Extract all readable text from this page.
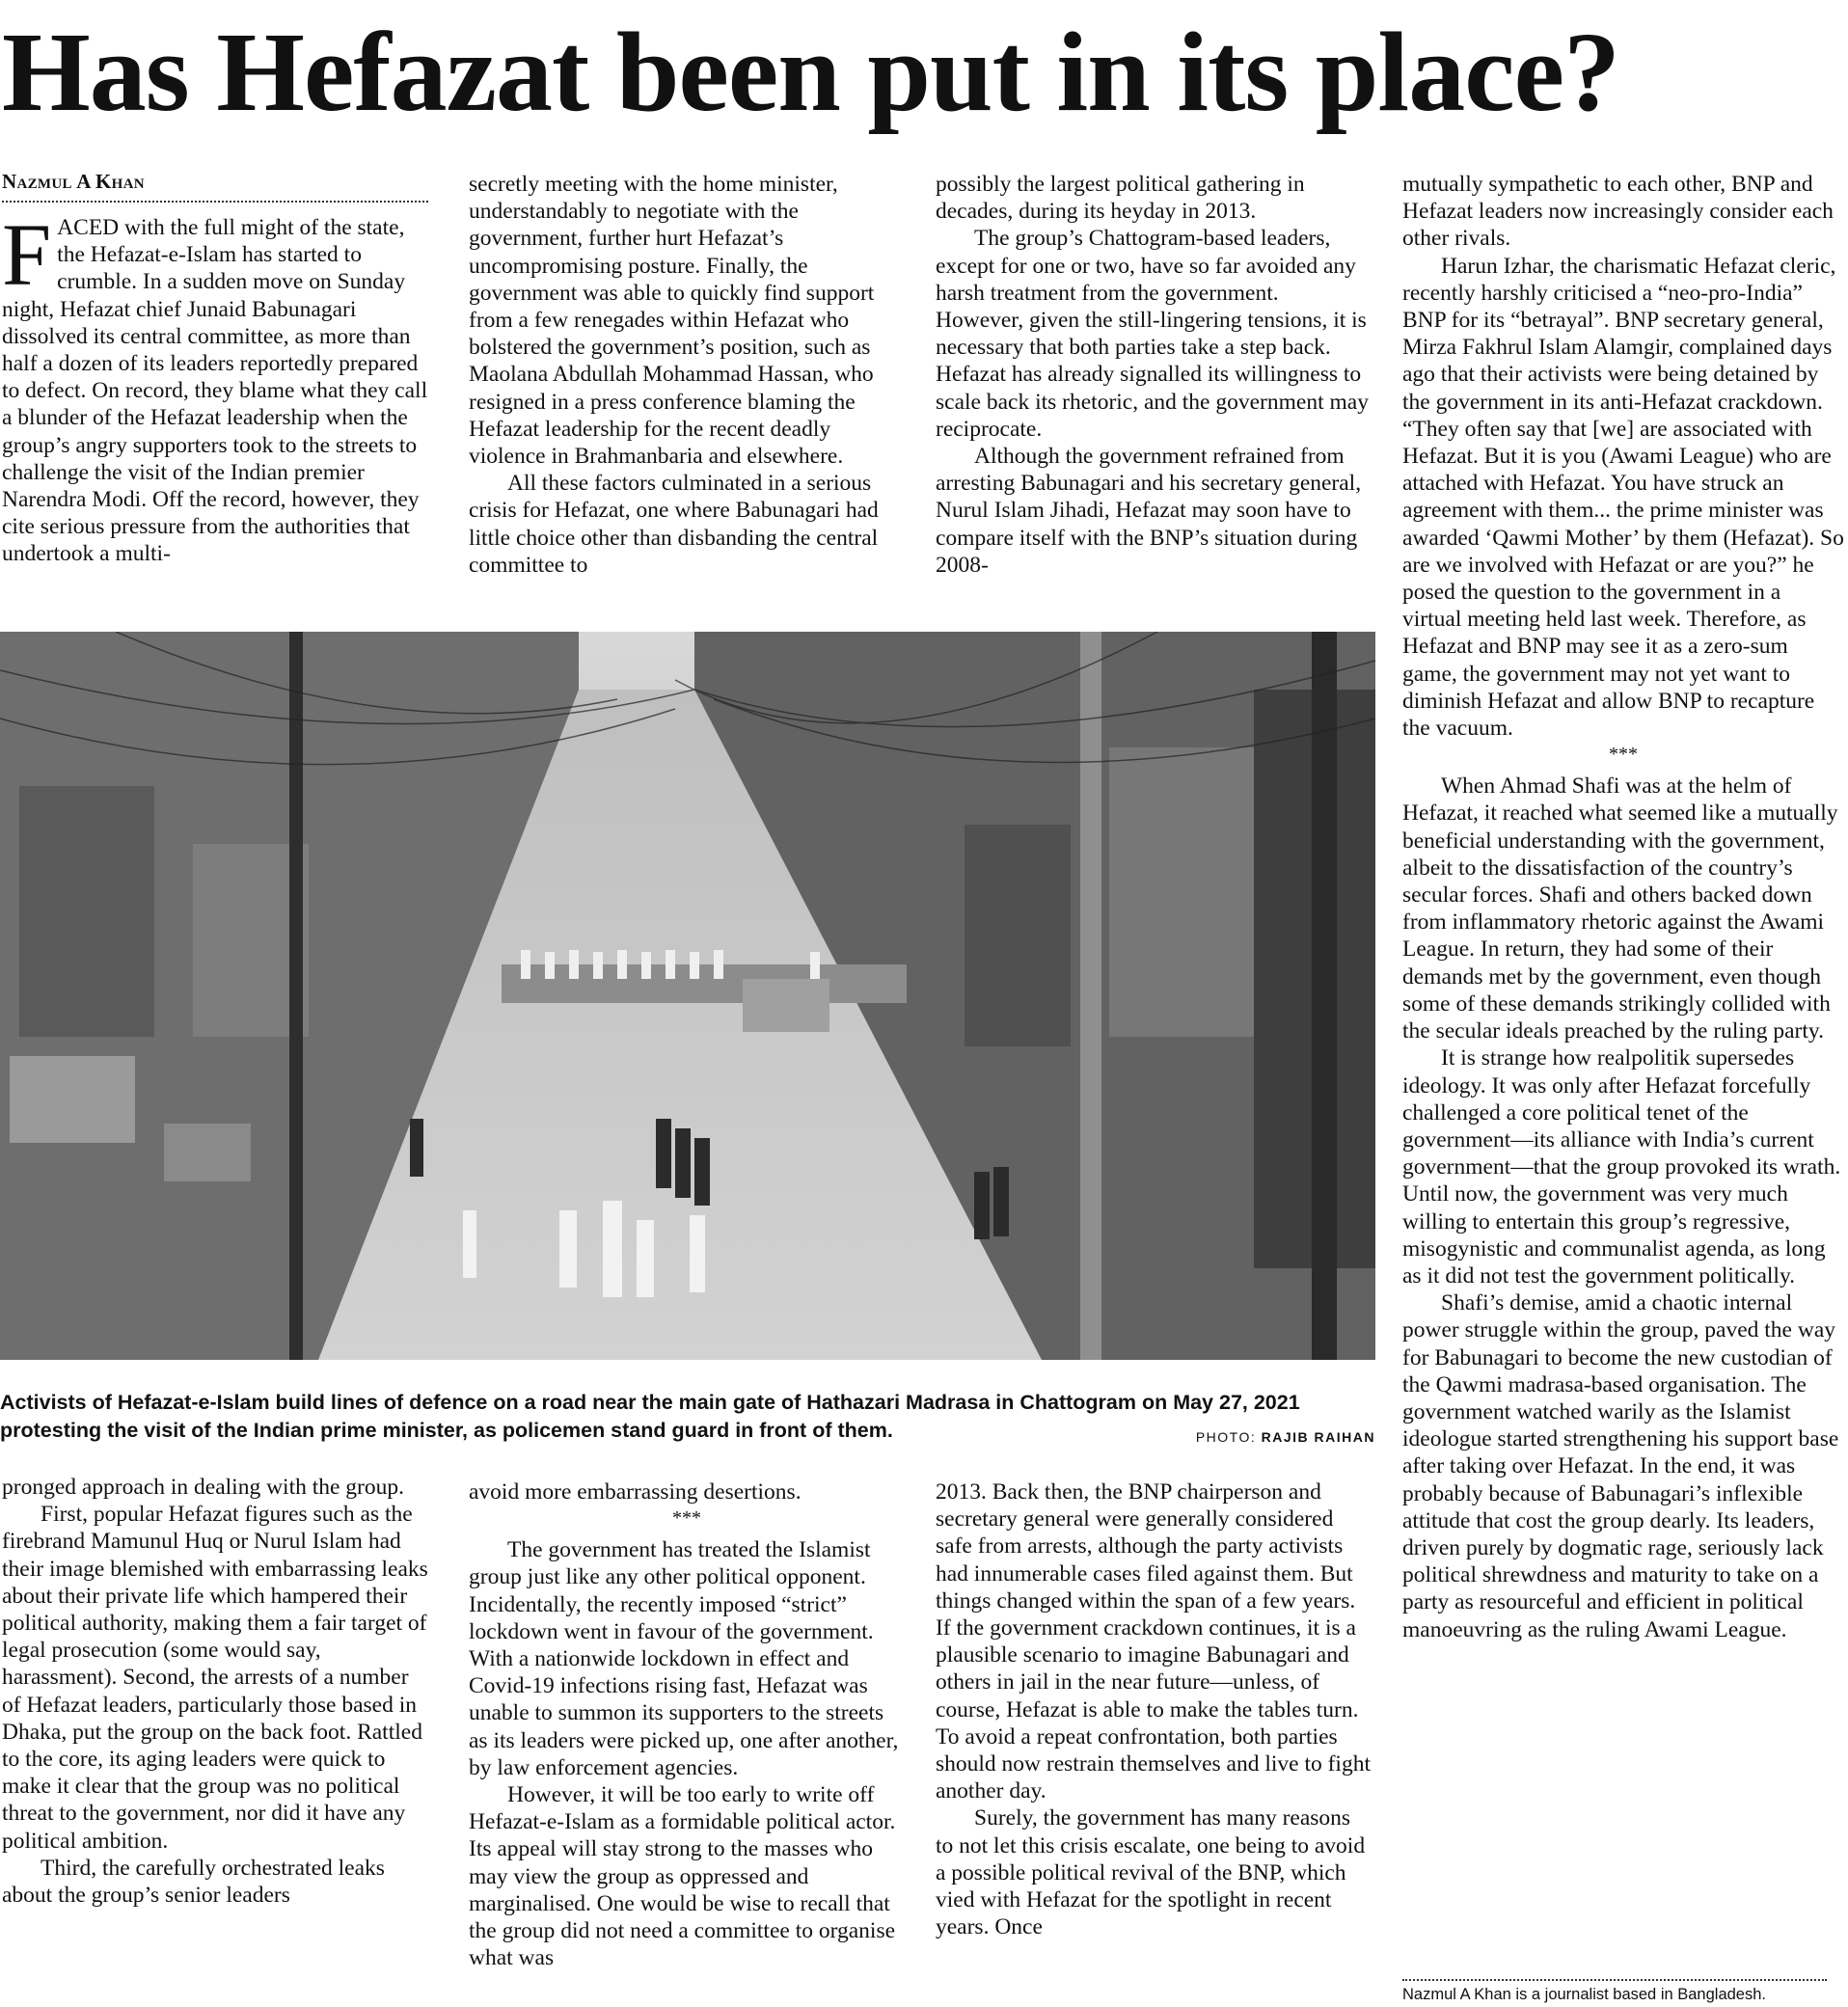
Has Hefazat been put in its place?
Nazmul A Khan

FACED with the full might of the state, the Hefazat-e-Islam has started to crumble. In a sudden move on Sunday night, Hefazat chief Junaid Babunagari dissolved its central committee, as more than half a dozen of its leaders reportedly prepared to defect. On record, they blame what they call a blunder of the Hefazat leadership when the group’s angry supporters took to the streets to challenge the visit of the Indian premier Narendra Modi. Off the record, however, they cite serious pressure from the authorities that undertook a multi-

secretly meeting with the home minister, understandably to negotiate with the government, further hurt Hefazat’s uncompromising posture. Finally, the government was able to quickly find support from a few renegades within Hefazat who bolstered the government’s position, such as Maolana Abdullah Mohammad Hassan, who resigned in a press conference blaming the Hefazat leadership for the recent deadly violence in Brahmanbaria and elsewhere.

All these factors culminated in a serious crisis for Hefazat, one where Babunagari had little choice other than disbanding the central committee to

possibly the largest political gathering in decades, during its heyday in 2013.

The group’s Chattogram-based leaders, except for one or two, have so far avoided any harsh treatment from the government. However, given the still-lingering tensions, it is necessary that both parties take a step back. Hefazat has already signalled its willingness to scale back its rhetoric, and the government may reciprocate.

Although the government refrained from arresting Babunagari and his secretary general, Nurul Islam Jihadi, Hefazat may soon have to compare itself with the BNP’s situation during 2008-

mutually sympathetic to each other, BNP and Hefazat leaders now increasingly consider each other rivals.

Harun Izhar, the charismatic Hefazat cleric, recently harshly criticised a “neo-pro-India” BNP for its “betrayal”. BNP secretary general, Mirza Fakhrul Islam Alamgir, complained days ago that their activists were being detained by the government in its anti-Hefazat crackdown. “They often say that [we] are associated with Hefazat. But it is you (Awami League) who are attached with Hefazat. You have struck an agreement with them... the prime minister was awarded ‘Qawmi Mother’ by them (Hefazat). So are we involved with Hefazat or are you?” he posed the question to the government in a virtual meeting held last week. Therefore, as Hefazat and BNP may see it as a zero-sum game, the government may not yet want to diminish Hefazat and allow BNP to recapture the vacuum.

***

When Ahmad Shafi was at the helm of Hefazat, it reached what seemed like a mutually beneficial understanding with the government, albeit to the dissatisfaction of the country’s secular forces. Shafi and others backed down from inflammatory rhetoric against the Awami League. In return, they had some of their demands met by the government, even though some of these demands strikingly collided with the secular ideals preached by the ruling party.

It is strange how realpolitik supersedes ideology. It was only after Hefazat forcefully challenged a core political tenet of the government—its alliance with India’s current government—that the group provoked its wrath. Until now, the government was very much willing to entertain this group’s regressive, misogynistic and communalist agenda, as long as it did not test the government politically.

Shafi’s demise, amid a chaotic internal power struggle within the group, paved the way for Babunagari to become the new custodian of the Qawmi madrasa-based organisation. The government watched warily as the Islamist ideologue started strengthening his support base after taking over Hefazat. In the end, it was probably because of Babunagari’s inflexible attitude that cost the group dearly. Its leaders, driven purely by dogmatic rage, seriously lack political shrewdness and maturity to take on a party as resourceful and efficient in political manoeuvring as the ruling Awami League.

Activists of Hefazat-e-Islam build lines of defence on a road near the main gate of Hathazari Madrasa in Chattogram on May 27, 2021 protesting the visit of the Indian prime minister, as policemen stand guard in front of them.	PHOTO: RAJIB RAIHAN

pronged approach in dealing with the group.

First, popular Hefazat figures such as the firebrand Mamunul Huq or Nurul Islam had their image blemished with embarrassing leaks about their private life which hampered their political authority, making them a fair target of legal prosecution (some would say, harassment). Second, the arrests of a number of Hefazat leaders, particularly those based in Dhaka, put the group on the back foot. Rattled to the core, its aging leaders were quick to make it clear that the group was no political threat to the government, nor did it have any political ambition.

Third, the carefully orchestrated leaks about the group’s senior leaders

avoid more embarrassing desertions.

***

The government has treated the Islamist group just like any other political opponent. Incidentally, the recently imposed “strict” lockdown went in favour of the government. With a nationwide lockdown in effect and Covid-19 infections rising fast, Hefazat was unable to summon its supporters to the streets as its leaders were picked up, one after another, by law enforcement agencies.

However, it will be too early to write off Hefazat-e-Islam as a formidable political actor. Its appeal will stay strong to the masses who may view the group as oppressed and marginalised. One would be wise to recall that the group did not need a committee to organise what was

2013. Back then, the BNP chairperson and secretary general were generally considered safe from arrests, although the party activists had innumerable cases filed against them. But things changed within the span of a few years. If the government crackdown continues, it is a plausible scenario to imagine Babunagari and others in jail in the near future—unless, of course, Hefazat is able to make the tables turn. To avoid a repeat confrontation, both parties should now restrain themselves and live to fight another day.

Surely, the government has many reasons to not let this crisis escalate, one being to avoid a possible political revival of the BNP, which vied with Hefazat for the spotlight in recent years. Once

Nazmul A Khan is a journalist based in Bangladesh.
